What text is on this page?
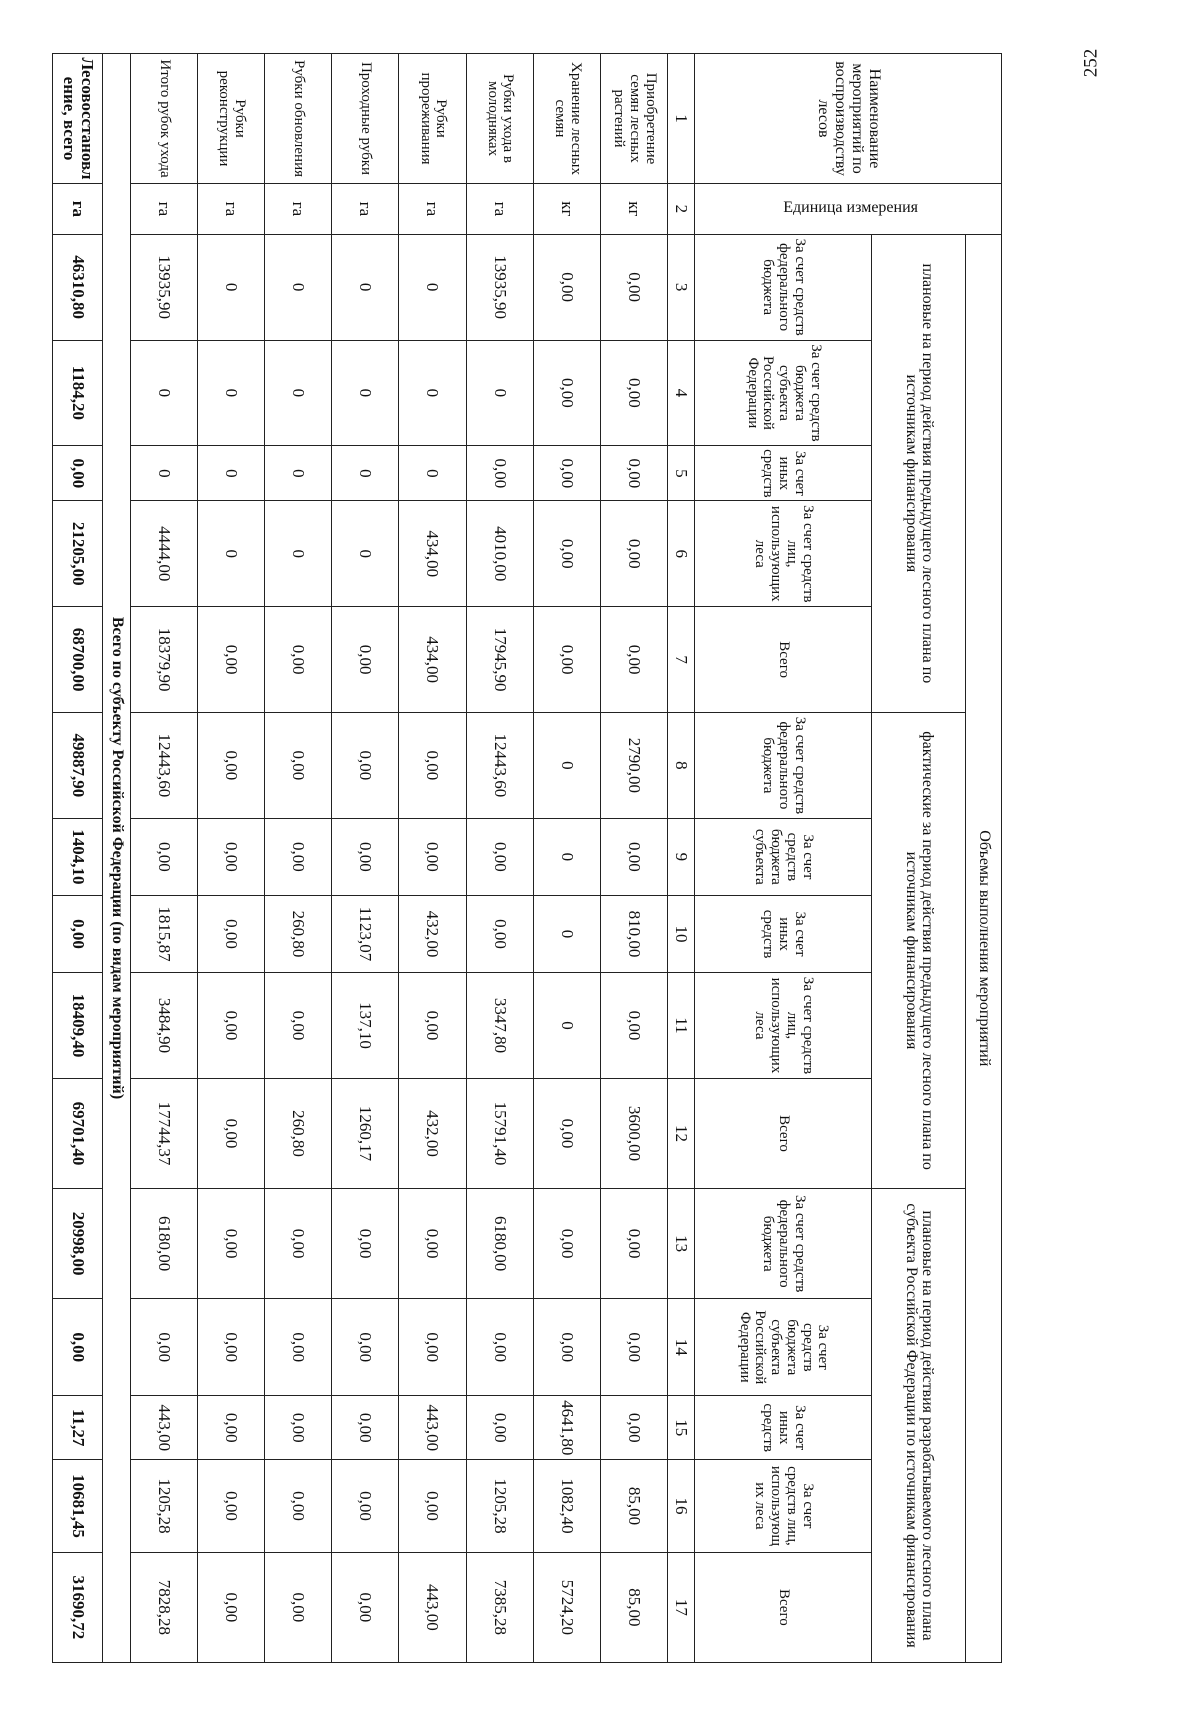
252
Наименование мероприятий по воспроизводству лесов	Единица измерения	Объемы выполнения мероприятий														
		плановые на период действия предыдущего лесного плана по источникам финансирования					фактические за период действия предыдущего лесного плана по источникам финансирования					плановые на период действия разрабатываемого лесного плана субъекта Российской Федерации по источникам финансирования				
		За счет средств федерального бюджета	За счет средств бюджета субъекта Российской Федерации	За счет иных средств	За счет средств лиц, использующих леса	Всего	За счет средств федерального бюджета	За счет средств бюджета субъекта	За счет иных средств	За счет средств лиц, использующих леса	Всего	За счет средств федерального бюджета	За счет средств бюджета субъекта Российской Федерации	За счет иных средств	За счет средств лиц, использующих леса	Всего
1	2	3	4	5	6	7	8	9	10	11	12	13	14	15	16	17
Приобретение семян лесных растений	кг	0,00	0,00	0,00	0,00	0,00	2790,00	0,00	810,00	0,00	3600,00	0,00	0,00	0,00	85,00	85,00
Хранение лесных семян	кг	0,00	0,00	0,00	0,00	0,00	0	0	0	0	0,00	0,00	0,00	4641,80	1082,40	5724,20
Рубки ухода в молодняках	га	13935,90	0	0,00	4010,00	17945,90	12443,60	0,00	0,00	3347,80	15791,40	6180,00	0,00	0,00	1205,28	7385,28
Рубки прореживания	га	0	0	0	434,00	434,00	0,00	0,00	432,00	0,00	432,00	0,00	0,00	443,00	0,00	443,00
Проходные рубки	га	0	0	0	0	0,00	0,00	0,00	1123,07	137,10	1260,17	0,00	0,00	0,00	0,00	0,00
Рубки обновления	га	0	0	0	0	0,00	0,00	0,00	260,80	0,00	260,80	0,00	0,00	0,00	0,00	0,00
Рубки реконструкции	га	0	0	0	0	0,00	0,00	0,00	0,00	0,00	0,00	0,00	0,00	0,00	0,00	0,00
Итого рубок ухода	га	13935,90	0	0	4444,00	18379,90	12443,60	0,00	1815,87	3484,90	17744,37	6180,00	0,00	443,00	1205,28	7828,28
Всего по субъекту Российской Федерации (по видам мероприятий)																
Лесовосстановление, всего	га	46310,80	1184,20	0,00	21205,00	68700,00	49887,90	1404,10	0,00	18409,40	69701,40	20998,00	0,00	11,27	10681,45	31690,72
